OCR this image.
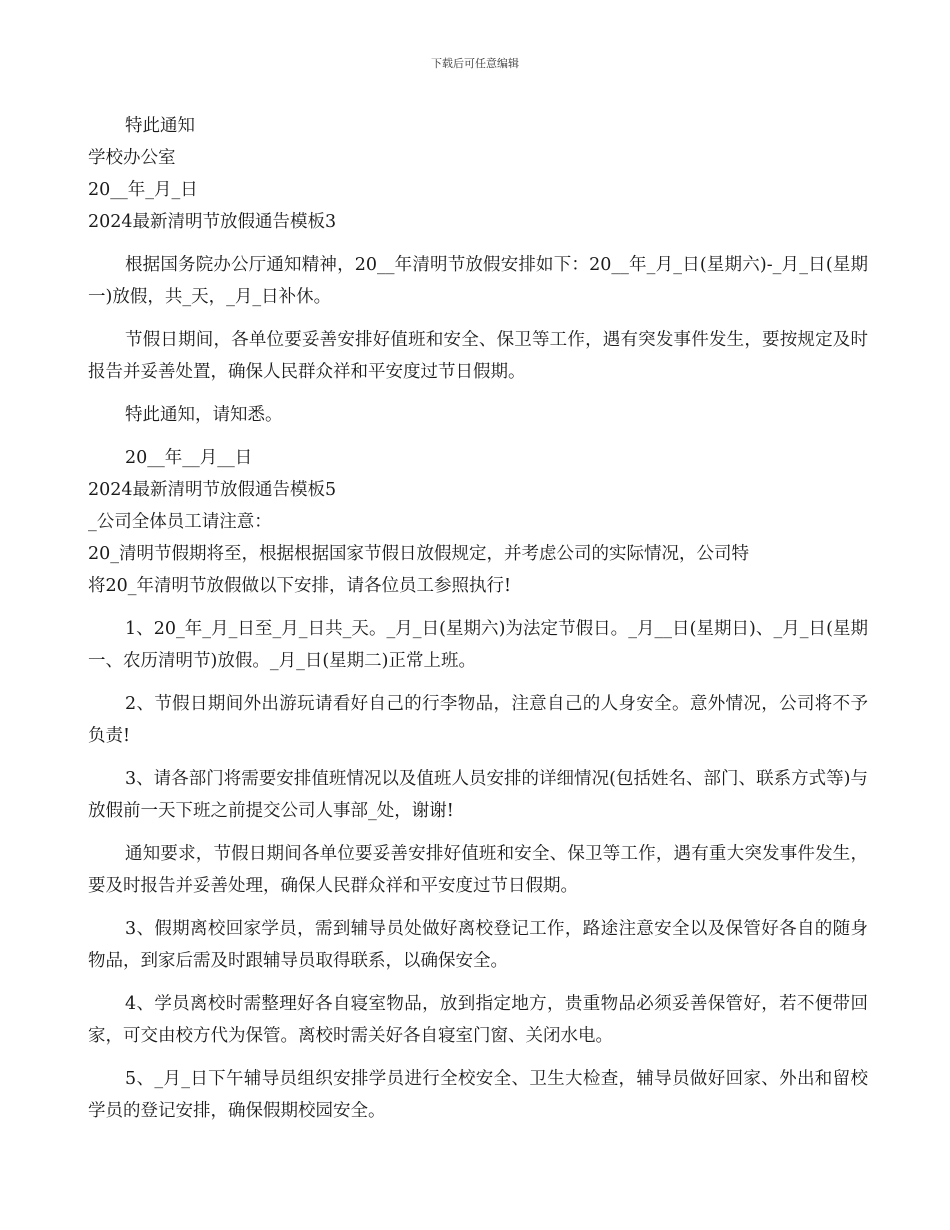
下载后可任意编辑

特此通知

学校办公室

20__年_月_日

2024最新清明节放假通告模板3

根据国务院办公厅通知精神，20__年清明节放假安排如下：20__年_月_日(星期六)-_月_日(星期一)放假，共_天，_月_日补休。

节假日期间，各单位要妥善安排好值班和安全、保卫等工作，遇有突发事件发生，要按规定及时报告并妥善处置，确保人民群众祥和平安度过节日假期。

特此通知，请知悉。

20__年__月__日

2024最新清明节放假通告模板5

_公司全体员工请注意：

20_清明节假期将至，根据根据国家节假日放假规定，并考虑公司的实际情况，公司特

将20_年清明节放假做以下安排，请各位员工参照执行!

1、20_年_月_日至_月_日共_天。_月_日(星期六)为法定节假日。_月__日(星期日)、_月_日(星期一、农历清明节)放假。_月_日(星期二)正常上班。

2、节假日期间外出游玩请看好自己的行李物品，注意自己的人身安全。意外情况，公司将不予负责!

3、请各部门将需要安排值班情况以及值班人员安排的详细情况(包括姓名、部门、联系方式等)与放假前一天下班之前提交公司人事部_处，谢谢!

通知要求，节假日期间各单位要妥善安排好值班和安全、保卫等工作，遇有重大突发事件发生，要及时报告并妥善处理，确保人民群众祥和平安度过节日假期。

3、假期离校回家学员，需到辅导员处做好离校登记工作，路途注意安全以及保管好各自的随身物品，到家后需及时跟辅导员取得联系，以确保安全。

4、学员离校时需整理好各自寝室物品，放到指定地方，贵重物品必须妥善保管好，若不便带回家，可交由校方代为保管。离校时需关好各自寝室门窗、关闭水电。

5、_月_日下午辅导员组织安排学员进行全校安全、卫生大检查，辅导员做好回家、外出和留校学员的登记安排，确保假期校园安全。
